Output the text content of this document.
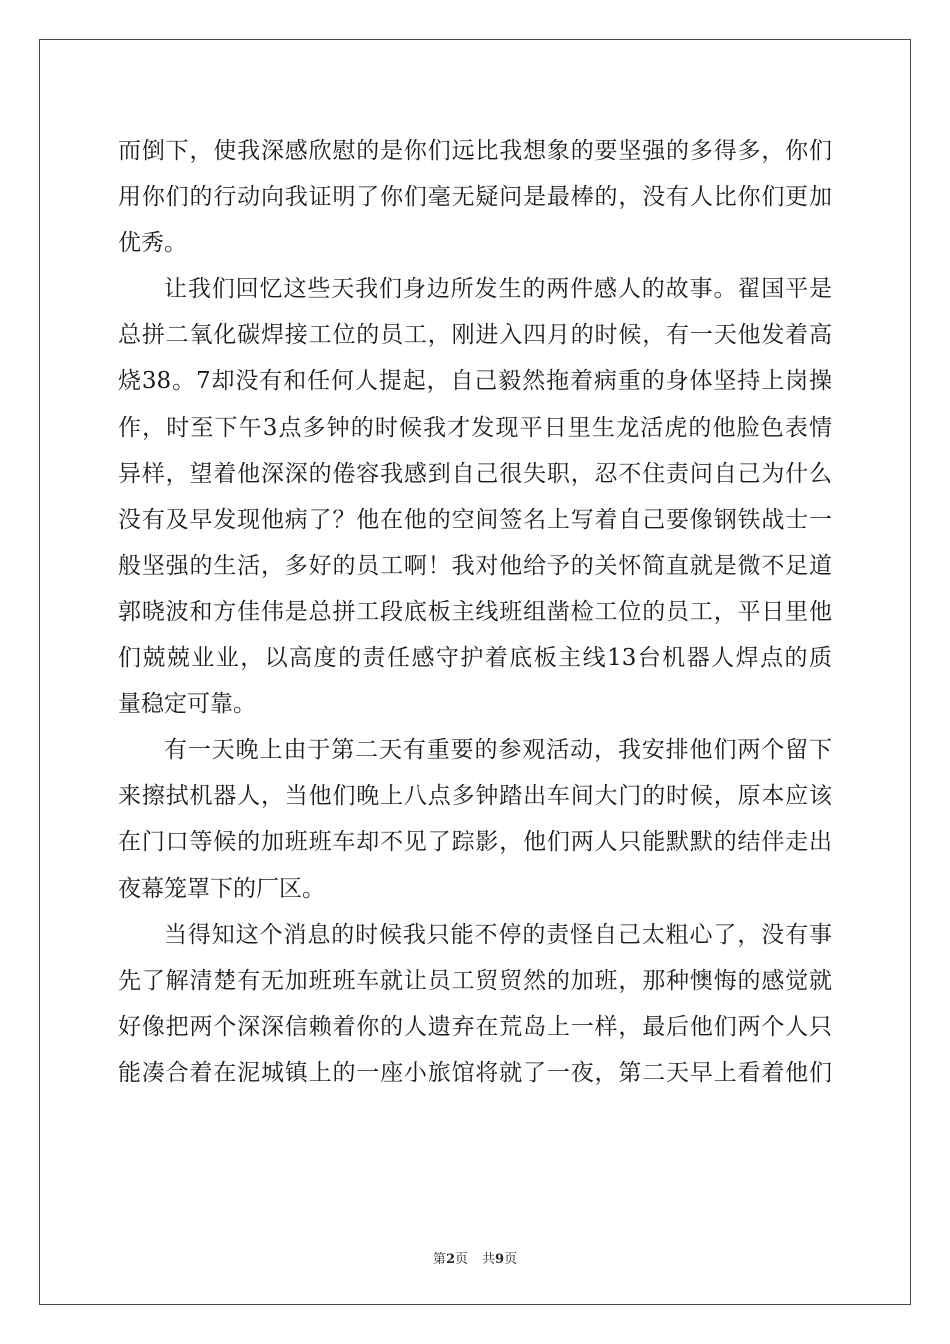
而倒下，使我深感欣慰的是你们远比我想象的要坚强的多得多，你们
用你们的行动向我证明了你们毫无疑问是最棒的，没有人比你们更加
优秀。
让我们回忆这些天我们身边所发生的两件感人的故事。翟国平是
总拼二氧化碳焊接工位的员工，刚进入四月的时候，有一天他发着高
烧38。7却没有和任何人提起，自己毅然拖着病重的身体坚持上岗操
作，时至下午3点多钟的时候我才发现平日里生龙活虎的他脸色表情
异样，望着他深深的倦容我感到自己很失职，忍不住责问自己为什么
没有及早发现他病了？他在他的空间签名上写着自己要像钢铁战士一
般坚强的生活，多好的员工啊！我对他给予的关怀简直就是微不足道
郭晓波和方佳伟是总拼工段底板主线班组凿检工位的员工，平日里他
们兢兢业业，以高度的责任感守护着底板主线13台机器人焊点的质
量稳定可靠。
有一天晚上由于第二天有重要的参观活动，我安排他们两个留下
来擦拭机器人，当他们晚上八点多钟踏出车间大门的时候，原本应该
在门口等候的加班班车却不见了踪影，他们两人只能默默的结伴走出
夜幕笼罩下的厂区。
当得知这个消息的时候我只能不停的责怪自己太粗心了，没有事
先了解清楚有无加班班车就让员工贸贸然的加班，那种懊悔的感觉就
好像把两个深深信赖着你的人遗弃在荒岛上一样，最后他们两个人只
能凑合着在泥城镇上的一座小旅馆将就了一夜，第二天早上看着他们
第2页 共9页
